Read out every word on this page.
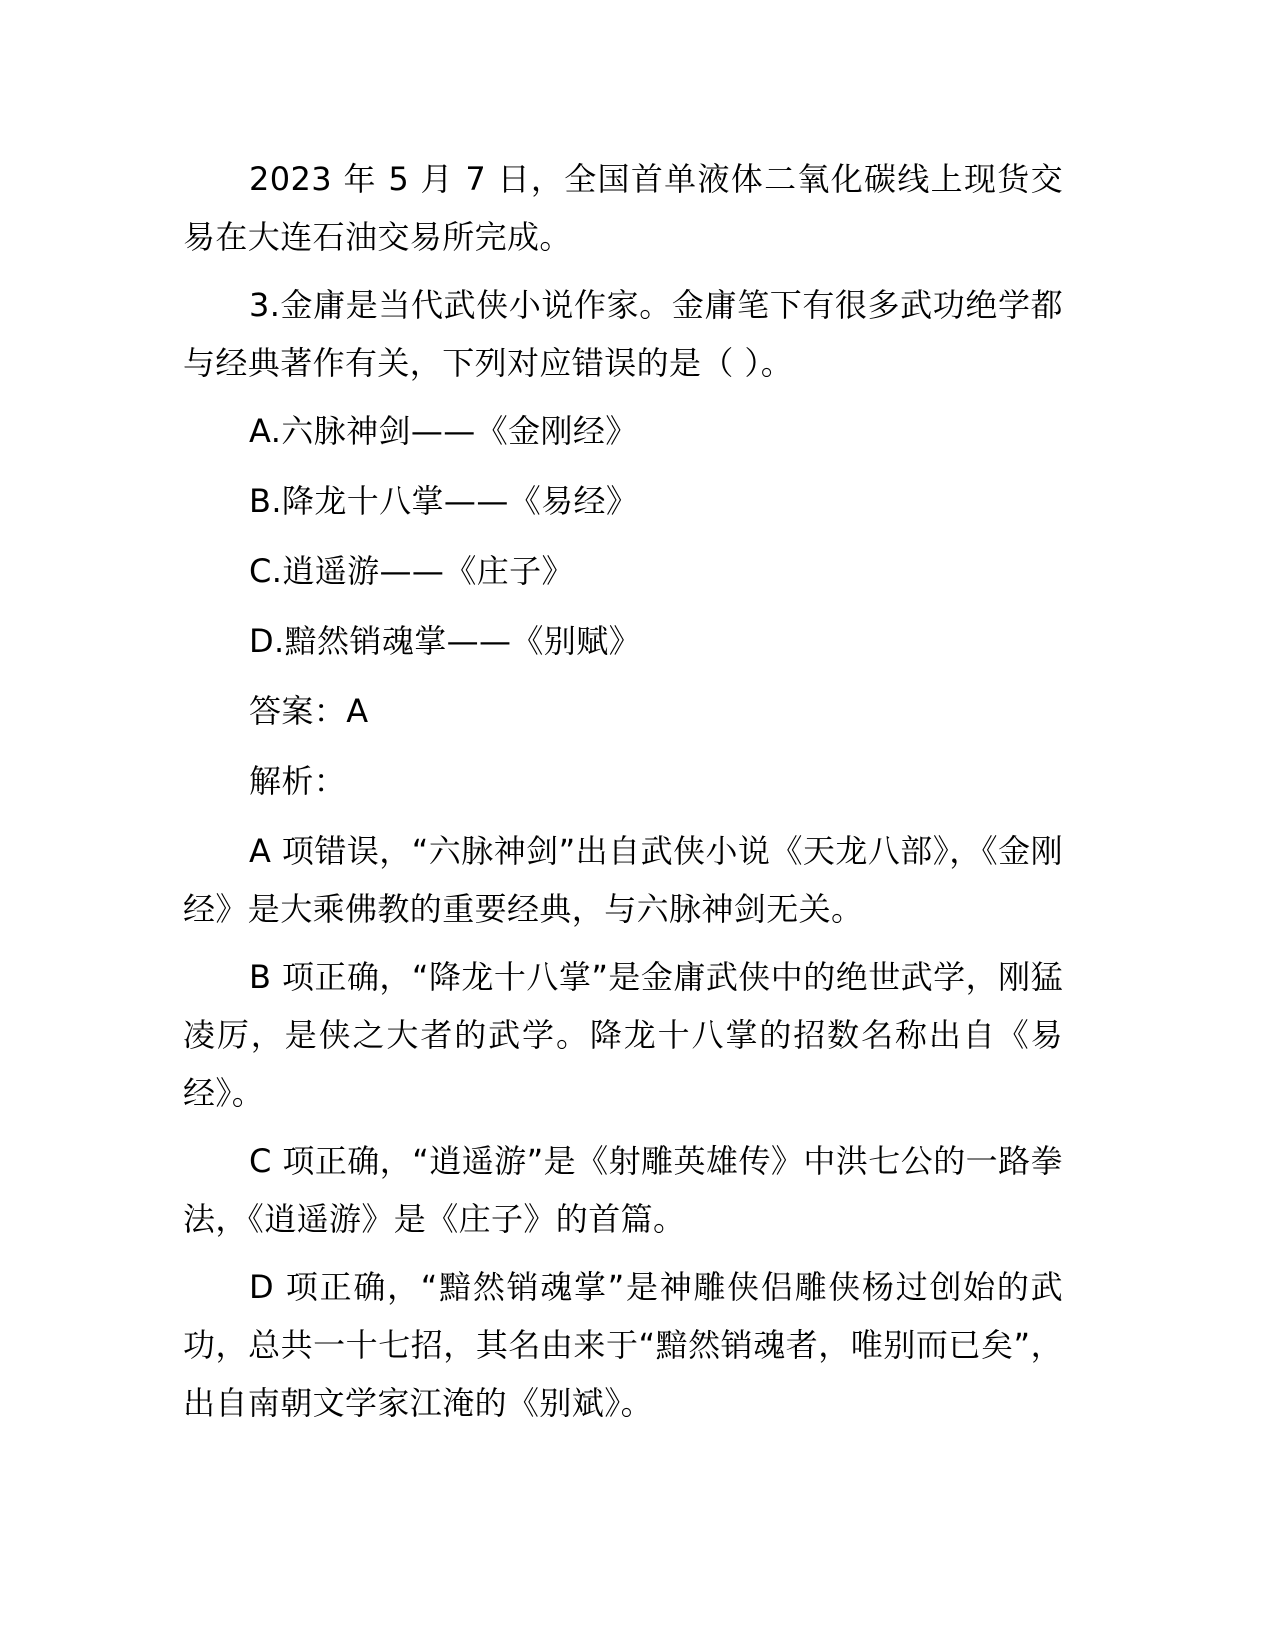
2023 年 5 月 7 日，全国首单液体二氧化碳线上现货交易在大连石油交易所完成。

3.金庸是当代武侠小说作家。金庸笔下有很多武功绝学都与经典著作有关，下列对应错误的是（ ）。

A.六脉神剑——《金刚经》

B.降龙十八掌——《易经》

C.逍遥游——《庄子》

D.黯然销魂掌——《别赋》

答案：A

解析：

A 项错误，“六脉神剑”出自武侠小说《天龙八部》，《金刚经》是大乘佛教的重要经典，与六脉神剑无关。

B 项正确，“降龙十八掌”是金庸武侠中的绝世武学，刚猛凌厉，是侠之大者的武学。降龙十八掌的招数名称出自《易经》。

C 项正确，“逍遥游”是《射雕英雄传》中洪七公的一路拳法，《逍遥游》是《庄子》的首篇。

D 项正确，“黯然销魂掌”是神雕侠侣雕侠杨过创始的武功，总共一十七招，其名由来于“黯然销魂者，唯别而已矣”，出自南朝文学家江淹的《别斌》。
